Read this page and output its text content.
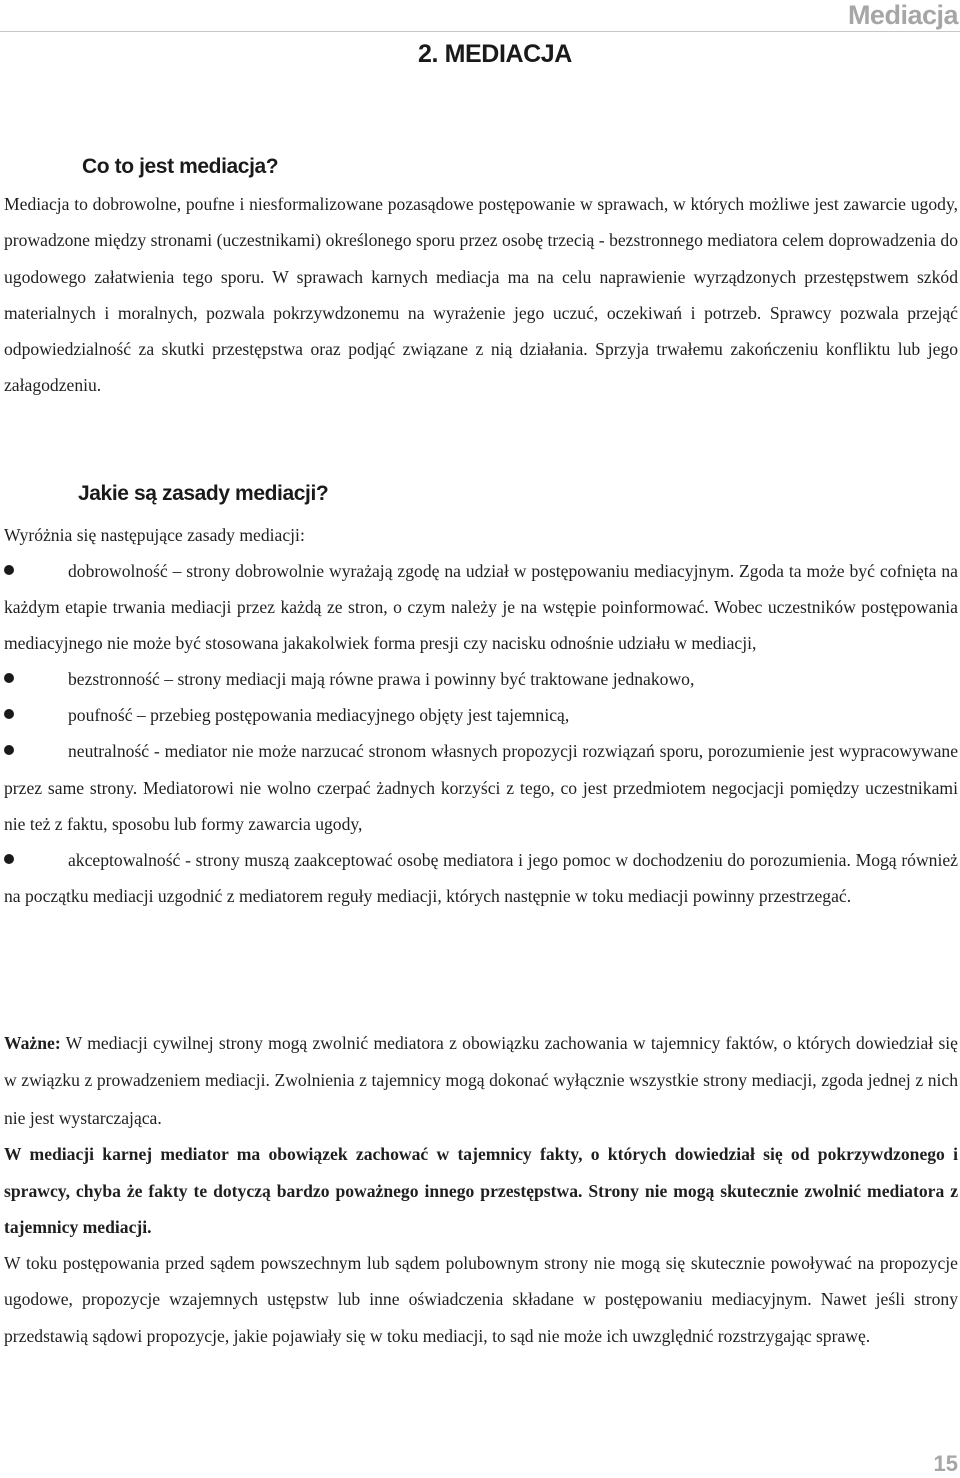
Mediacja
2. MEDIACJA
Co to jest mediacja?

Mediacja to dobrowolne, poufne i niesformalizowane pozasądowe postępowanie w sprawach, w których możliwe jest zawarcie ugody, prowadzone między stronami (uczestnikami) określonego sporu przez osobę trzecią - bezstronnego mediatora celem doprowadzenia do ugodowego załatwienia tego sporu. W sprawach karnych mediacja ma na celu naprawienie wyrządzonych przestępstwem szkód materialnych i moralnych, pozwala pokrzywdzonemu na wyrażenie jego uczuć, oczekiwań i potrzeb. Sprawcy pozwala przejąć odpowiedzialność za skutki przestępstwa oraz podjąć związane z nią działania. Sprzyja trwałemu zakończeniu konfliktu lub jego załagodzeniu.

Jakie są zasady mediacji?

Wyróżnia się następujące zasady mediacji:

dobrowolność – strony dobrowolnie wyrażają zgodę na udział w postępowaniu mediacyjnym. Zgoda ta może być cofnięta na każdym etapie trwania mediacji przez każdą ze stron, o czym należy je na wstępie poinformować. Wobec uczestników postępowania mediacyjnego nie może być stosowana jakakolwiek forma presji czy nacisku odnośnie udziału w mediacji,

bezstronność – strony mediacji mają równe prawa i powinny być traktowane jednakowo,

poufność – przebieg postępowania mediacyjnego objęty jest tajemnicą,

neutralność - mediator nie może narzucać stronom własnych propozycji rozwiązań sporu, porozumienie jest wypracowywane przez same strony. Mediatorowi nie wolno czerpać żadnych korzyści z tego, co jest przedmiotem negocjacji pomiędzy uczestnikami nie też z faktu, sposobu lub formy zawarcia ugody,

akceptowalność - strony muszą zaakceptować osobę mediatora i jego pomoc w dochodzeniu do porozumienia. Mogą również na początku mediacji uzgodnić z mediatorem reguły mediacji, których następnie w toku mediacji powinny przestrzegać.

Ważne: W mediacji cywilnej strony mogą zwolnić mediatora z obowiązku zachowania w tajemnicy faktów, o których dowiedział się w związku z prowadzeniem mediacji. Zwolnienia z tajemnicy mogą dokonać wyłącznie wszystkie strony mediacji, zgoda jednej z nich nie jest wystarczająca.

W mediacji karnej mediator ma obowiązek zachować w tajemnicy fakty, o których dowiedział się od pokrzywdzonego i sprawcy, chyba że fakty te dotyczą bardzo poważnego innego przestępstwa. Strony nie mogą skutecznie zwolnić mediatora z tajemnicy mediacji.

W toku postępowania przed sądem powszechnym lub sądem polubownym strony nie mogą się skutecznie powoływać na propozycje ugodowe, propozycje wzajemnych ustępstw lub inne oświadczenia składane w postępowaniu mediacyjnym. Nawet jeśli strony przedstawią sądowi propozycje, jakie pojawiały się w toku mediacji, to sąd nie może ich uwzględnić rozstrzygając sprawę.

15
